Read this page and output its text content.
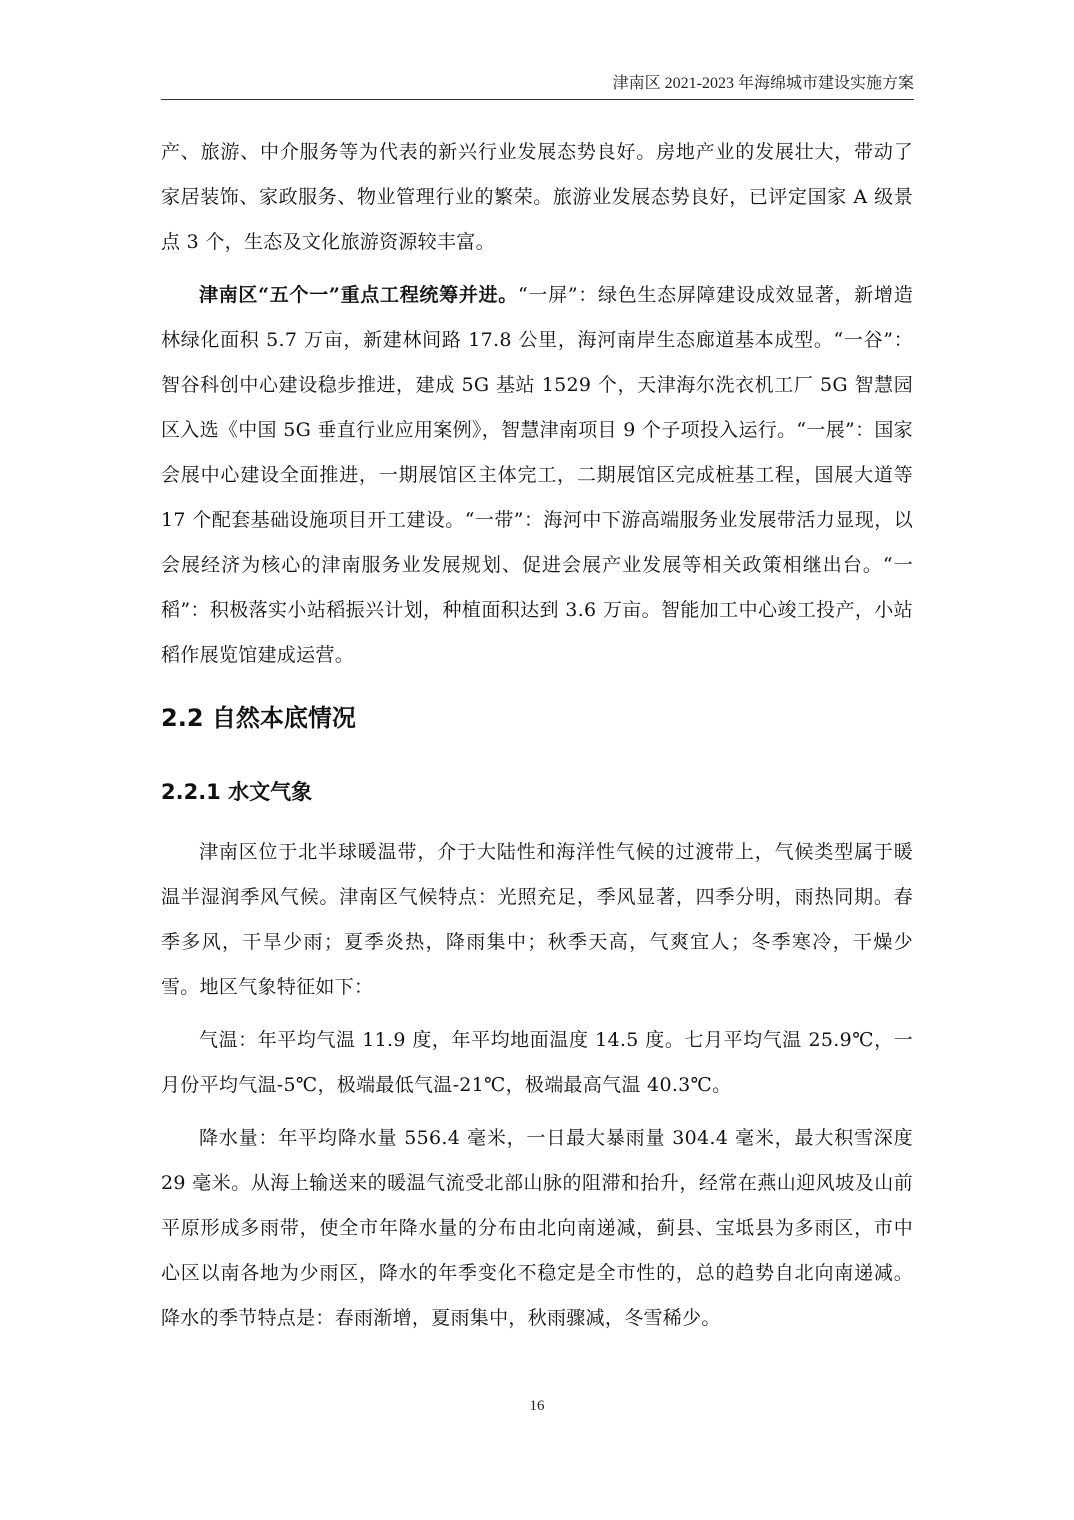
津南区 2021-2023 年海绵城市建设实施方案

产、旅游、中介服务等为代表的新兴行业发展态势良好。房地产业的发展壮大，带动了家居装饰、家政服务、物业管理行业的繁荣。旅游业发展态势良好，已评定国家 A 级景点 3 个，生态及文化旅游资源较丰富。

津南区“五个一”重点工程统筹并进。“一屏”：绿色生态屏障建设成效显著，新增造林绿化面积 5.7 万亩，新建林间路 17.8 公里，海河南岸生态廊道基本成型。“一谷”：智谷科创中心建设稳步推进，建成 5G 基站 1529 个，天津海尔洗衣机工厂 5G 智慧园区入选《中国 5G 垂直行业应用案例》，智慧津南项目 9 个子项投入运行。“一展”：国家会展中心建设全面推进，一期展馆区主体完工，二期展馆区完成桩基工程，国展大道等 17 个配套基础设施项目开工建设。“一带”：海河中下游高端服务业发展带活力显现，以会展经济为核心的津南服务业发展规划、促进会展产业发展等相关政策相继出台。“一稻”：积极落实小站稻振兴计划，种植面积达到 3.6 万亩。智能加工中心竣工投产，小站稻作展览馆建成运营。

2.2 自然本底情况
2.2.1 水文气象

津南区位于北半球暖温带，介于大陆性和海洋性气候的过渡带上，气候类型属于暖温半湿润季风气候。津南区气候特点：光照充足，季风显著，四季分明，雨热同期。春季多风，干旱少雨；夏季炎热，降雨集中；秋季天高，气爽宜人；冬季寒冷，干燥少雪。地区气象特征如下：

气温：年平均气温 11.9 度，年平均地面温度 14.5 度。七月平均气温 25.9℃，一月份平均气温-5℃，极端最低气温-21℃，极端最高气温 40.3℃。

降水量：年平均降水量 556.4 毫米，一日最大暴雨量 304.4 毫米，最大积雪深度 29 毫米。从海上输送来的暖温气流受北部山脉的阻滞和抬升，经常在燕山迎风坡及山前平原形成多雨带，使全市年降水量的分布由北向南递减，蓟县、宝坻县为多雨区，市中心区以南各地为少雨区，降水的年季变化不稳定是全市性的，总的趋势自北向南递减。降水的季节特点是：春雨渐增，夏雨集中，秋雨骤减，冬雪稀少。

16
